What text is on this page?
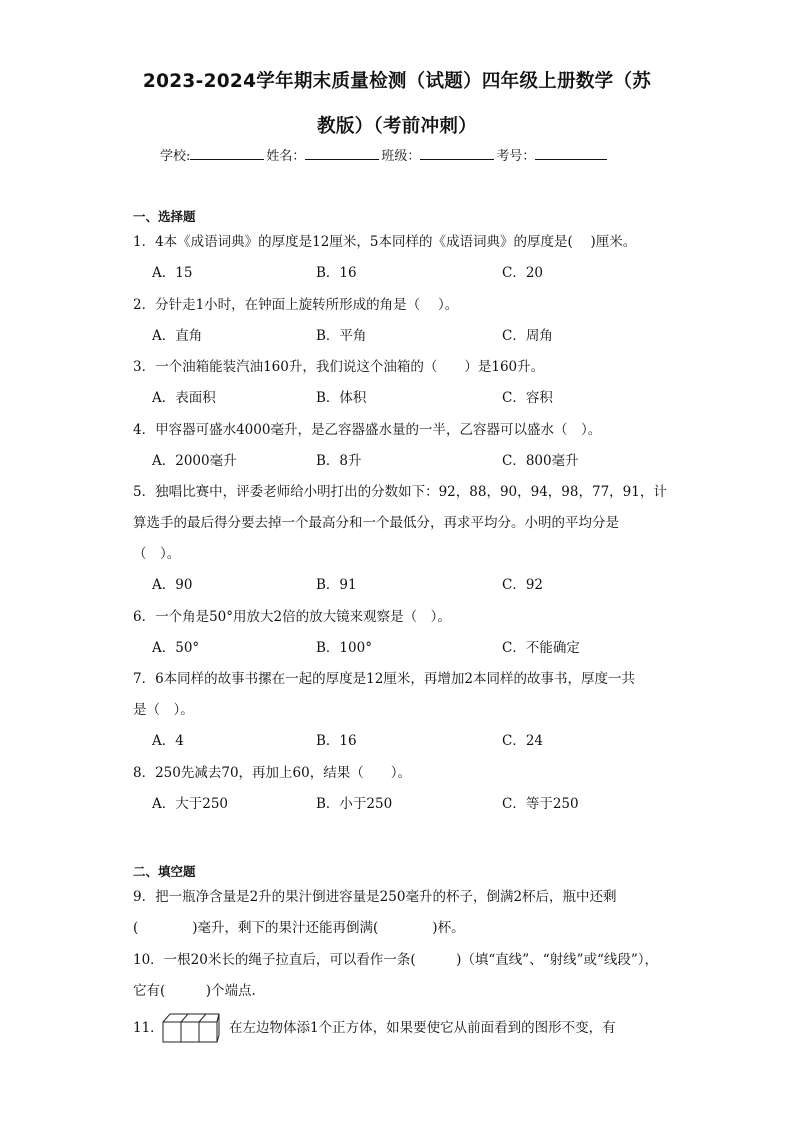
2023-2024学年期末质量检测（试题）四年级上册数学（苏
教版）（考前冲刺）
学校:	姓名：	班级：	考号：
一、选择题
1．4本《成语词典》的厚度是12厘米，5本同样的《成语词典》的厚度是(　 )厘米。
A．15	B．16	C．20
2．分针走1小时，在钟面上旋转所形成的角是（　 ）。
A．直角	B．平角	C．周角
3．一个油箱能装汽油160升，我们说这个油箱的（　　）是160升。
A．表面积	B．体积	C．容积
4．甲容器可盛水4000毫升，是乙容器盛水量的一半，乙容器可以盛水（　）。
A．2000毫升	B．8升	C．800毫升
5．独唱比赛中，评委老师给小明打出的分数如下：92，88，90，94，98，77，91，计
算选手的最后得分要去掉一个最高分和一个最低分，再求平均分。小明的平均分是
（　）。
A．90	B．91	C．92
6．一个角是50°用放大2倍的放大镜来观察是（　）。
A．50°	B．100°	C．不能确定
7．6本同样的故事书摞在一起的厚度是12厘米，再增加2本同样的故事书，厚度一共
是（　）。
A．4	B．16	C．24
8．250先减去70，再加上60，结果（　　）。
A．大于250	B．小于250	C．等于250
二、填空题
9．把一瓶净含量是2升的果汁倒进容量是250毫升的杯子，倒满2杯后，瓶中还剩
(　　　　)毫升，剩下的果汁还能再倒满(　　　　)杯。
10．一根20米长的绳子拉直后，可以看作一条(　　　)（填“直线”、“射线”或“线段”），
它有(　　　)个端点.
11．	在左边物体添1个正方体，如果要使它从前面看到的图形不变，有
